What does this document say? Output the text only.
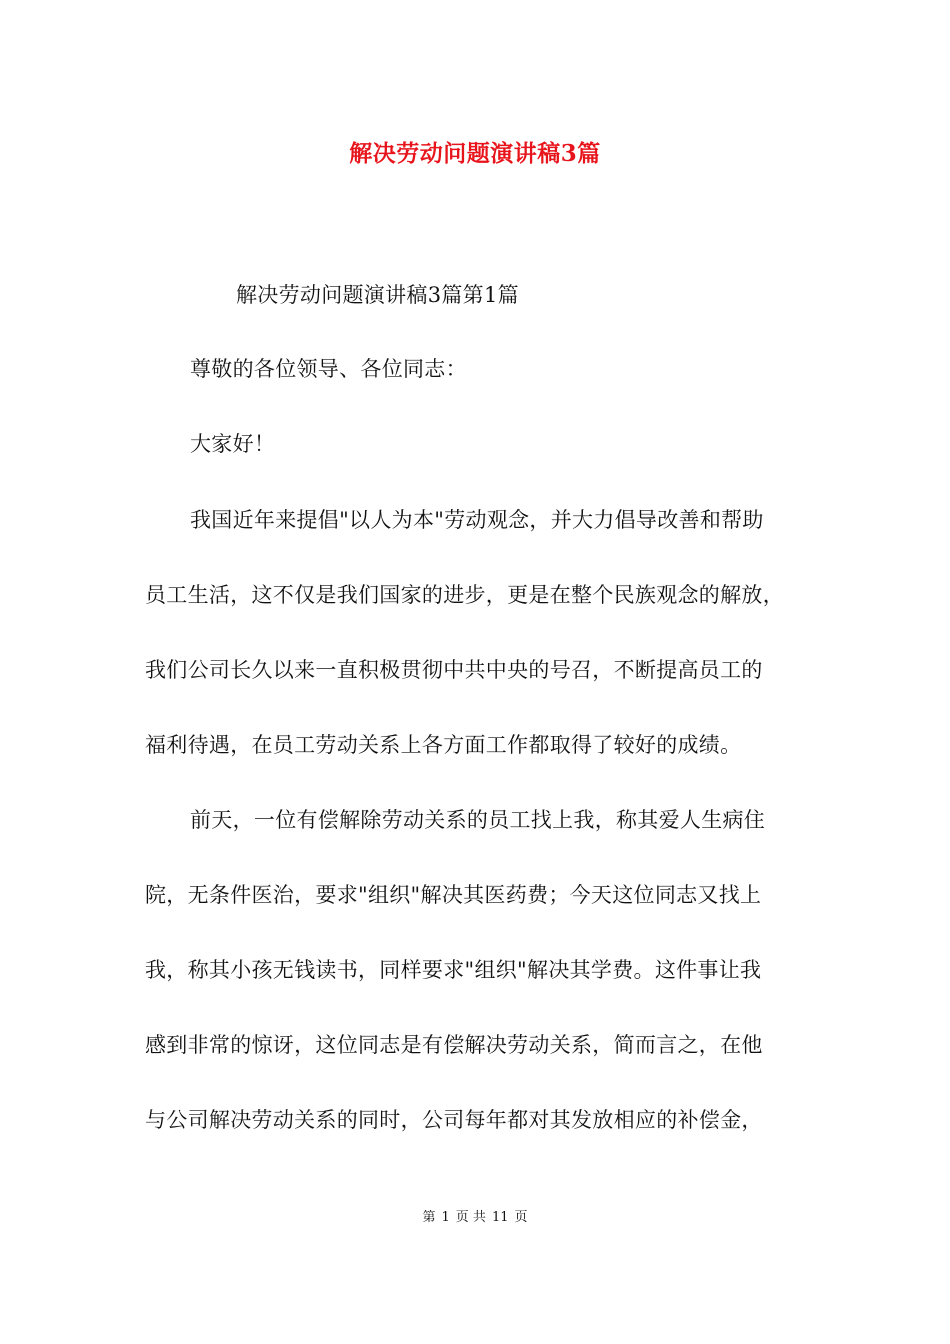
解决劳动问题演讲稿3篇
解决劳动问题演讲稿3篇第1篇
尊敬的各位领导、各位同志：
大家好！
我国近年来提倡"以人为本"劳动观念，并大力倡导改善和帮助
员工生活，这不仅是我们国家的进步，更是在整个民族观念的解放，
我们公司长久以来一直积极贯彻中共中央的号召，不断提高员工的
福利待遇，在员工劳动关系上各方面工作都取得了较好的成绩。
前天，一位有偿解除劳动关系的员工找上我，称其爱人生病住
院，无条件医治，要求"组织"解决其医药费；今天这位同志又找上
我，称其小孩无钱读书，同样要求"组织"解决其学费。这件事让我
感到非常的惊讶，这位同志是有偿解决劳动关系，简而言之，在他
与公司解决劳动关系的同时，公司每年都对其发放相应的补偿金，
第 1 页 共 11 页
